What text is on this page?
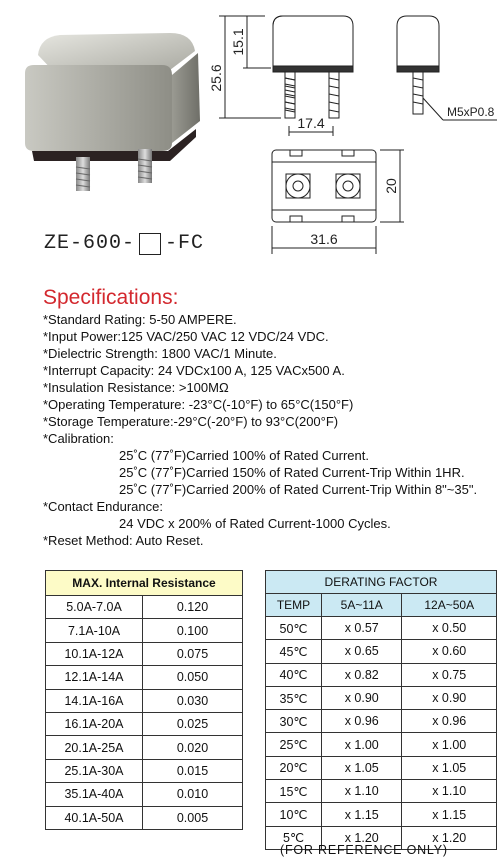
25.6
15.1
17.4
M5xP0.8
20
31.6
ZE-600- -FC
Specifications:
*Standard Rating: 5-50 AMPERE.
*Input Power:125 VAC/250 VAC 12 VDC/24 VDC.
*Dielectric Strength: 1800 VAC/1 Minute.
*Interrupt Capacity: 24 VDCx100 A, 125 VACx500 A.
*Insulation Resistance: >100MΩ
*Operating Temperature: -23°C(-10°F) to 65°C(150°F)
*Storage Temperature:-29°C(-20°F) to 93°C(200°F)
*Calibration:
25˚C (77˚F)Carried 100% of Rated Current.
25˚C (77˚F)Carried 150% of Rated Current-Trip Within 1HR.
25˚C (77˚F)Carried 200% of Rated Current-Trip Within 8"~35".
*Contact Endurance:
24 VDC x 200% of Rated Current-1000 Cycles.
*Reset Method: Auto Reset.
MAX. Internal Resistance	
5.0A-7.0A	0.120
7.1A-10A	0.100
10.1A-12A	0.075
12.1A-14A	0.050
14.1A-16A	0.030
16.1A-20A	0.025
20.1A-25A	0.020
25.1A-30A	0.015
35.1A-40A	0.010
40.1A-50A	0.005
DERATING FACTOR		
TEMP	5A~11A	12A~50A
50℃	x 0.57	x 0.50
45℃	x 0.65	x 0.60
40℃	x 0.82	x 0.75
35℃	x 0.90	x 0.90
30℃	x 0.96	x 0.96
25℃	x 1.00	x 1.00
20℃	x 1.05	x 1.05
15℃	x 1.10	x 1.10
10℃	x 1.15	x 1.15
5℃	x 1.20	x 1.20
(FOR REFERENCE ONLY)
